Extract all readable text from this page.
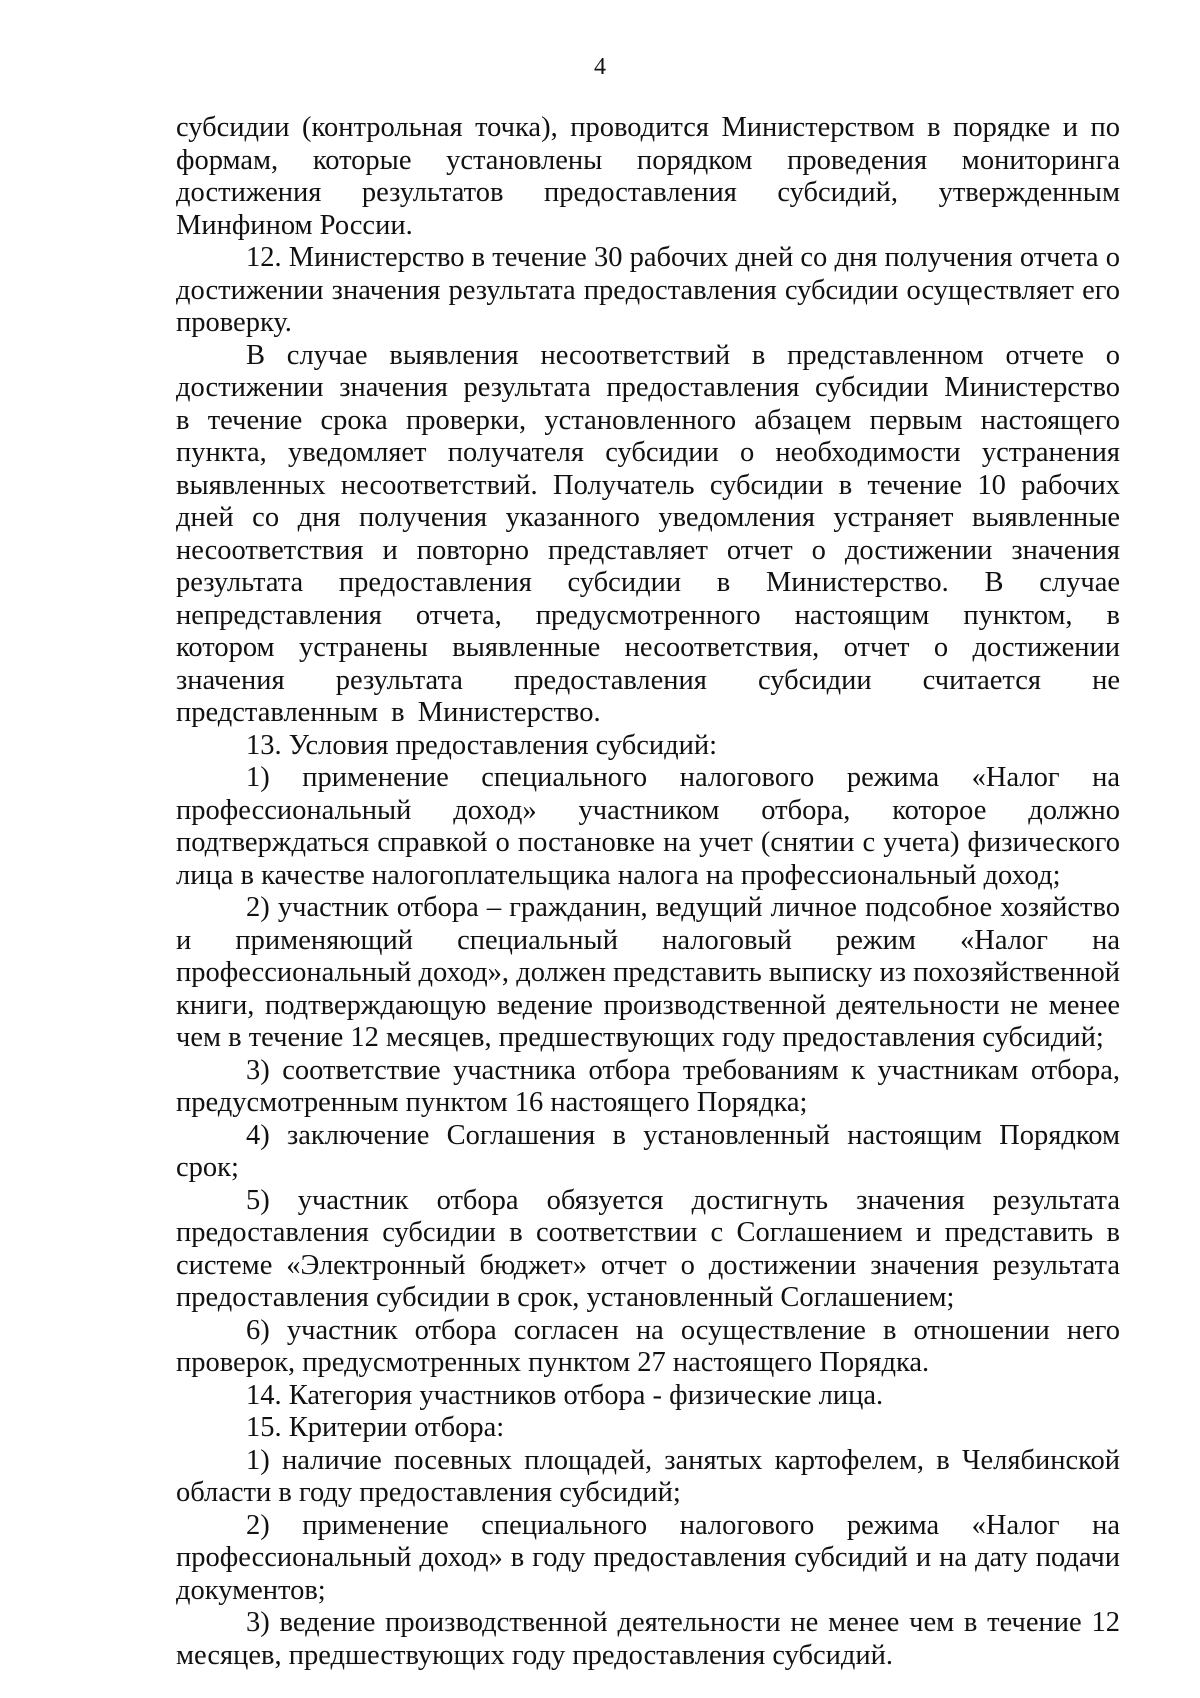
4

субсидии (контрольная точка), проводится Министерством в порядке и по формам, которые установлены порядком проведения мониторинга достижения результатов предоставления субсидий, утвержденным Минфином России.

12. Министерство в течение 30 рабочих дней со дня получения отчета о достижении значения результата предоставления субсидии осуществляет его проверку.

В случае выявления несоответствий в представленном отчете о достижении значения результата предоставления субсидии Министерство в течение срока проверки, установленного абзацем первым настоящего пункта, уведомляет получателя субсидии о необходимости устранения выявленных несоответствий. Получатель субсидии в течение 10 рабочих дней со дня получения указанного уведомления устраняет выявленные несоответствия и повторно представляет отчет о достижении значения результата предоставления субсидии в Министерство. В случае непредставления отчета, предусмотренного настоящим пунктом, в котором устранены выявленные несоответствия, отчет о достижении значения результата предоставления субсидии считается не представленным в Министерство.

13. Условия предоставления субсидий:

1) применение специального налогового режима «Налог на профессиональный доход» участником отбора, которое должно подтверждаться справкой о постановке на учет (снятии с учета) физического лица в качестве налогоплательщика налога на профессиональный доход;

2) участник отбора – гражданин, ведущий личное подсобное хозяйство и применяющий специальный налоговый режим «Налог на профессиональный доход», должен представить выписку из похозяйственной книги, подтверждающую ведение производственной деятельности не менее чем в течение 12 месяцев, предшествующих году предоставления субсидий;

3) соответствие участника отбора требованиям к участникам отбора, предусмотренным пунктом 16 настоящего Порядка;

4) заключение Соглашения в установленный настоящим Порядком срок;

5) участник отбора обязуется достигнуть значения результата предоставления субсидии в соответствии с Соглашением и представить в системе «Электронный бюджет» отчет о достижении значения результата предоставления субсидии в срок, установленный Соглашением;

6) участник отбора согласен на осуществление в отношении него проверок, предусмотренных пунктом 27 настоящего Порядка.

14. Категория участников отбора - физические лица.

15. Критерии отбора:

1) наличие посевных площадей, занятых картофелем, в Челябинской области в году предоставления субсидий;

2) применение специального налогового режима «Налог на профессиональный доход» в году предоставления субсидий и на дату подачи документов;

3) ведение производственной деятельности не менее чем в течение 12 месяцев, предшествующих году предоставления субсидий.
